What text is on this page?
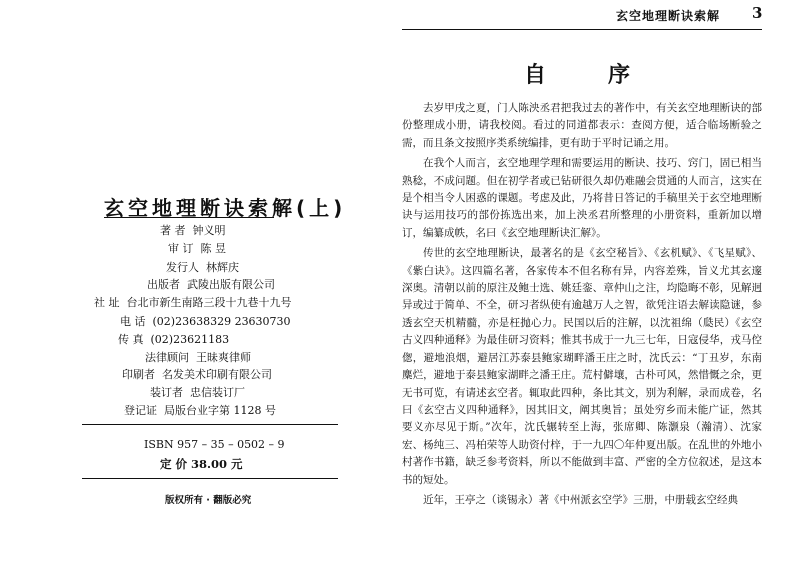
玄空地理断诀索解(上)
著 者 钟义明
审 订 陈 昱
发行人 林辉庆
出版者 武陵出版有限公司
社 址 台北市新生南路三段十九巷十九号
电 话 (02)23638329 23630730
传 真 (02)23621183
法律顾问 王昧爽律师
印刷者 名发美术印刷有限公司
装订者 忠信装订厂
登记证 局版台业字第 1128 号
ISBN 957 – 35 – 0502 – 9
定 价 38.00 元
版权所有 · 翻版必究
玄空地理断诀索解 3
自序

去岁甲戌之夏，门人陈泱丞君把我过去的著作中，有关玄空地理断诀的部份整理成小册，请我校阅。看过的同道都表示：查阅方便，适合临场断验之需，而且条文按照序类系统编排，更有助于平时记诵之用。

在我个人而言，玄空地理学理和需要运用的断诀、技巧、窍门，固已相当熟稔，不成问题。但在初学者或已钻研很久却仍难融会贯通的人而言，这实在是个相当令人困惑的课题。考虑及此，乃将昔日答记的手稿里关于玄空地理断诀与运用技巧的部份拣选出来，加上泱丞君所整理的小册资料，重新加以增订，编纂成帙，名曰《玄空地理断诀汇解》。

传世的玄空地理断诀，最著名的是《玄空秘旨》、《玄机赋》、《飞星赋》、《紫白诀》。这四篇名著，各家传本不但名称有异，内容差殊，旨义尤其玄邃深奥。清朝以前的原注及鲍士选、姚廷銮、章仲山之注，均隐晦不彰，见解迥异或过于简单、不全，研习者纵使有逾越万人之智，欲凭注语去解读隐谜，参透玄空天机精髓，亦是枉抛心力。民国以后的注解，以沈祖绵（瓞民）《玄空古义四种通释》为最佳研习资料；惟其书成于一九三七年，日寇侵华，戎马倥偬，避地浪烟，避居江苏泰县鲍家瑚畔潘王庄之时，沈氏云：“丁丑岁，东南麋烂，避地于泰县鲍家湖畔之潘王庄。荒村僻壤，古朴可风，然惜慨之余，更无书可览，有请述玄空者。辄取此四种，条比其文，别为利解，录而成卷，名曰《玄空古义四种通释》，因其旧文，阐其奥旨；虽处穷乡而未能广证，然其要义亦尽见于斯。”次年，沈氏辗转至上海，张席卿、陈灏泉（瀚清）、沈家宏、杨纯三、冯柏荣等人助资付梓，于一九四〇年仲夏出版。在乱世的外地小村著作书籍，缺乏参考资料，所以不能做到丰富、严密的全方位叙述，是这本书的短处。

近年，王亭之（谈锡永）著《中州派玄空学》三册，中册载玄空经典
